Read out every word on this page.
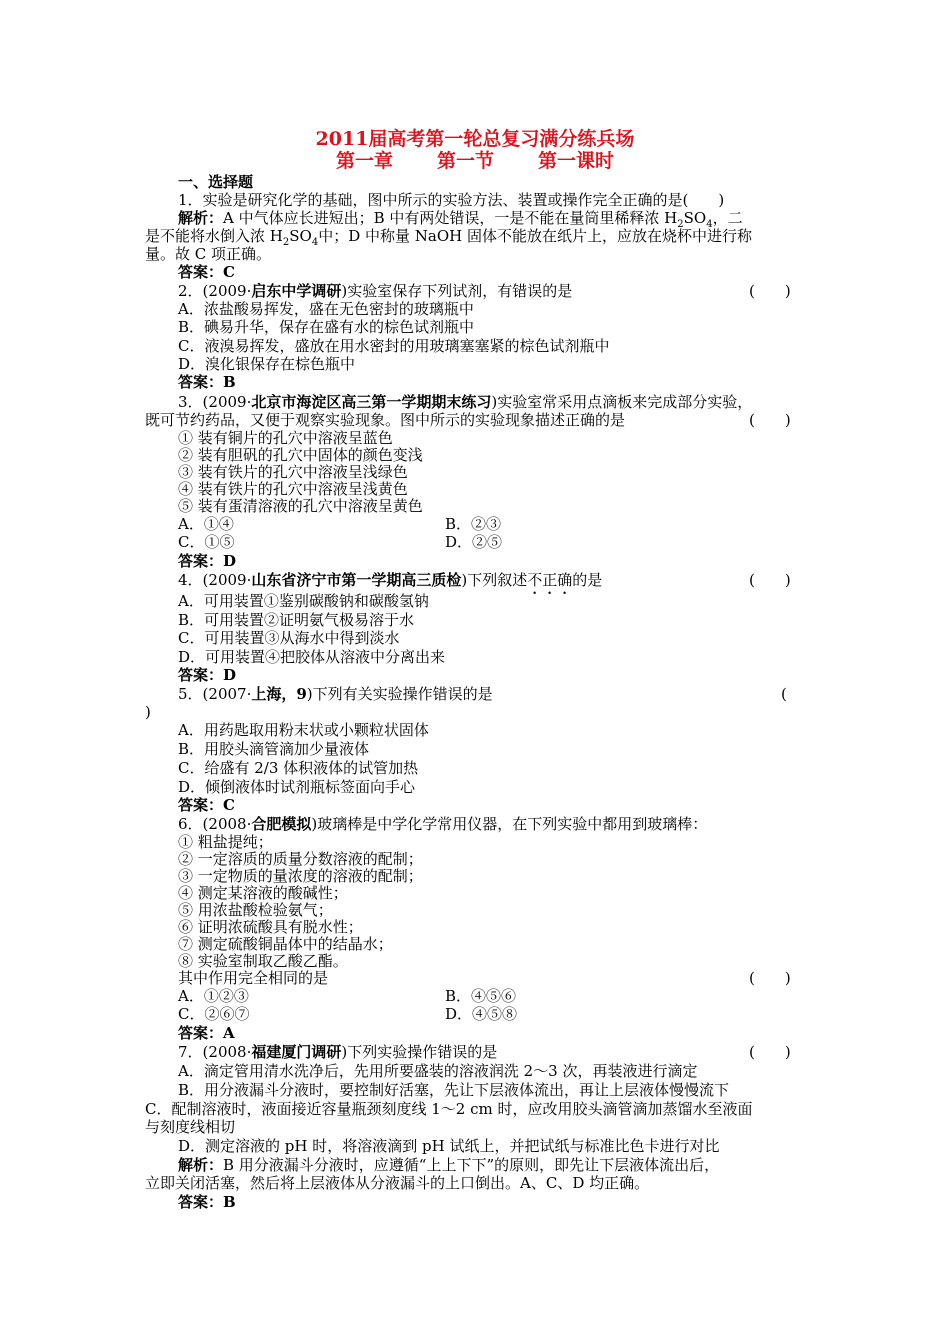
2011届高考第一轮总复习满分练兵场
第一章 第一节 第一课时
一、选择题
1．实验是研究化学的基础，图中所示的实验方法、装置或操作完全正确的是(　　)
解析：A 中气体应长进短出；B 中有两处错误，一是不能在量筒里稀释浓 $H_2SO_4$，二
是不能将水倒入浓 $H_2SO_4$中；D 中称量 NaOH 固体不能放在纸片上，应放在烧杯中进行称
量。故 C 项正确。
答案：C
2．(2009·启东中学调研)实验室保存下列试剂，有错误的是	(　　)
A．浓盐酸易挥发，盛在无色密封的玻璃瓶中
B．碘易升华，保存在盛有水的棕色试剂瓶中
C．液溴易挥发，盛放在用水密封的用玻璃塞塞紧的棕色试剂瓶中
D．溴化银保存在棕色瓶中
答案：B
3．(2009·北京市海淀区高三第一学期期末练习)实验室常采用点滴板来完成部分实验，
既可节约药品，又便于观察实验现象。图中所示的实验现象描述正确的是	(　　)
① 装有铜片的孔穴中溶液呈蓝色
② 装有胆矾的孔穴中固体的颜色变浅
③ 装有铁片的孔穴中溶液呈浅绿色
④ 装有铁片的孔穴中溶液呈浅黄色
⑤ 装有蛋清溶液的孔穴中溶液呈黄色
A．①④	B．②③
C．①⑤	D．②⑤
答案：D
4．(2009·山东省济宁市第一学期高三质检)下列叙述不正确的是	(　　)
A．可用装置①鉴别碳酸钠和碳酸氢钠
B．可用装置②证明氨气极易溶于水
C．可用装置③从海水中得到淡水
D．可用装置④把胶体从溶液中分离出来
答案：D
5．(2007·上海，9)下列有关实验操作错误的是	(
)
A．用药匙取用粉末状或小颗粒状固体
B．用胶头滴管滴加少量液体
C．给盛有 2/3 体积液体的试管加热
D．倾倒液体时试剂瓶标签面向手心
答案：C
6．(2008·合肥模拟)玻璃棒是中学化学常用仪器，在下列实验中都用到玻璃棒：
① 粗盐提纯；
② 一定溶质的质量分数溶液的配制；
③ 一定物质的量浓度的溶液的配制；
④ 测定某溶液的酸碱性；
⑤ 用浓盐酸检验氨气；
⑥ 证明浓硫酸具有脱水性；
⑦ 测定硫酸铜晶体中的结晶水；
⑧ 实验室制取乙酸乙酯。
其中作用完全相同的是	(　　)
A．①②③	B．④⑤⑥
C．②⑥⑦	D．④⑤⑧
答案：A
7．(2008·福建厦门调研)下列实验操作错误的是	(　　)
A．滴定管用清水洗净后，先用所要盛装的溶液润洗 2～3 次，再装液进行滴定
B．用分液漏斗分液时，要控制好活塞，先让下层液体流出，再让上层液体慢慢流下
C．配制溶液时，液面接近容量瓶颈刻度线 1～2 cm 时，应改用胶头滴管滴加蒸馏水至液面
与刻度线相切
D．测定溶液的 pH 时，将溶液滴到 pH 试纸上，并把试纸与标准比色卡进行对比
解析：B 用分液漏斗分液时，应遵循“上上下下”的原则，即先让下层液体流出后，
立即关闭活塞，然后将上层液体从分液漏斗的上口倒出。A、C、D 均正确。
答案：B
